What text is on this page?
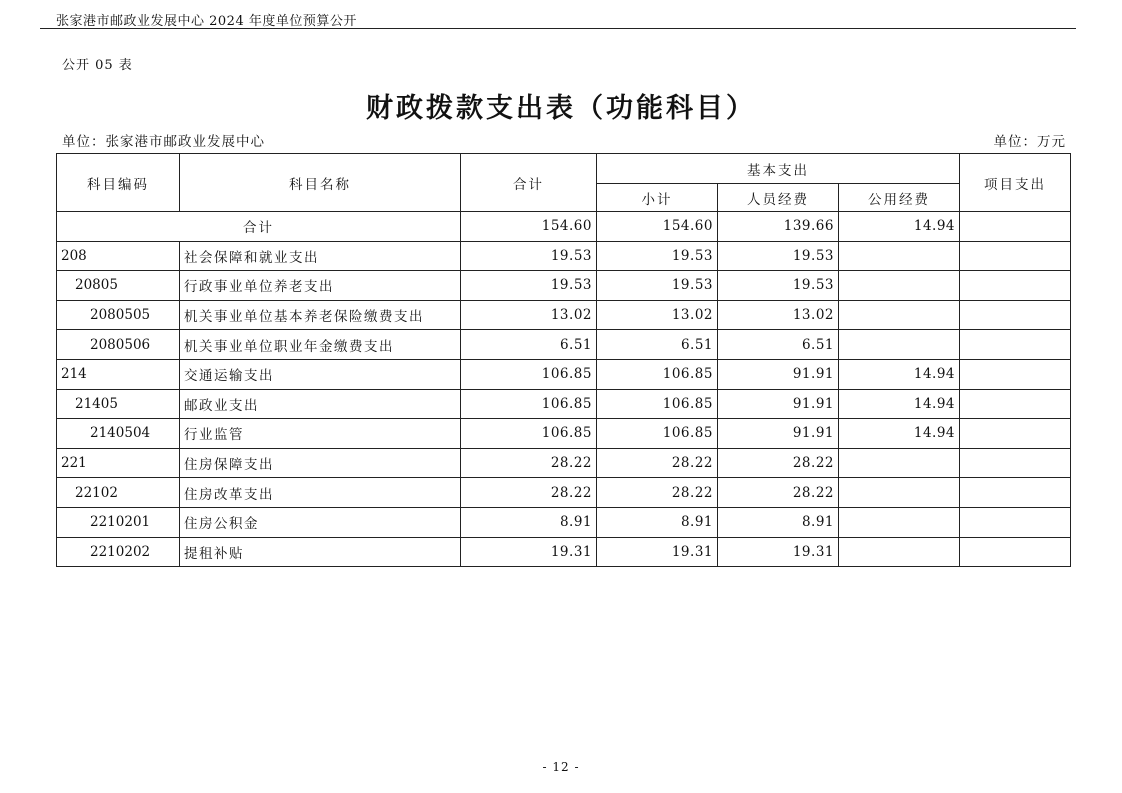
张家港市邮政业发展中心 2024 年度单位预算公开
公开 05 表
财政拨款支出表（功能科目）
单位：张家港市邮政业发展中心	单位：万元
科目编码	科目名称	合计	基本支出			项目支出
			小计	人员经费	公用经费	
合计		154.60	154.60	139.66	14.94	
208	社会保障和就业支出	19.53	19.53	19.53		
20805	行政事业单位养老支出	19.53	19.53	19.53		
2080505	机关事业单位基本养老保险缴费支出	13.02	13.02	13.02		
2080506	机关事业单位职业年金缴费支出	6.51	6.51	6.51		
214	交通运输支出	106.85	106.85	91.91	14.94	
21405	邮政业支出	106.85	106.85	91.91	14.94	
2140504	行业监管	106.85	106.85	91.91	14.94	
221	住房保障支出	28.22	28.22	28.22		
22102	住房改革支出	28.22	28.22	28.22		
2210201	住房公积金	8.91	8.91	8.91		
2210202	提租补贴	19.31	19.31	19.31		
- 12 -
